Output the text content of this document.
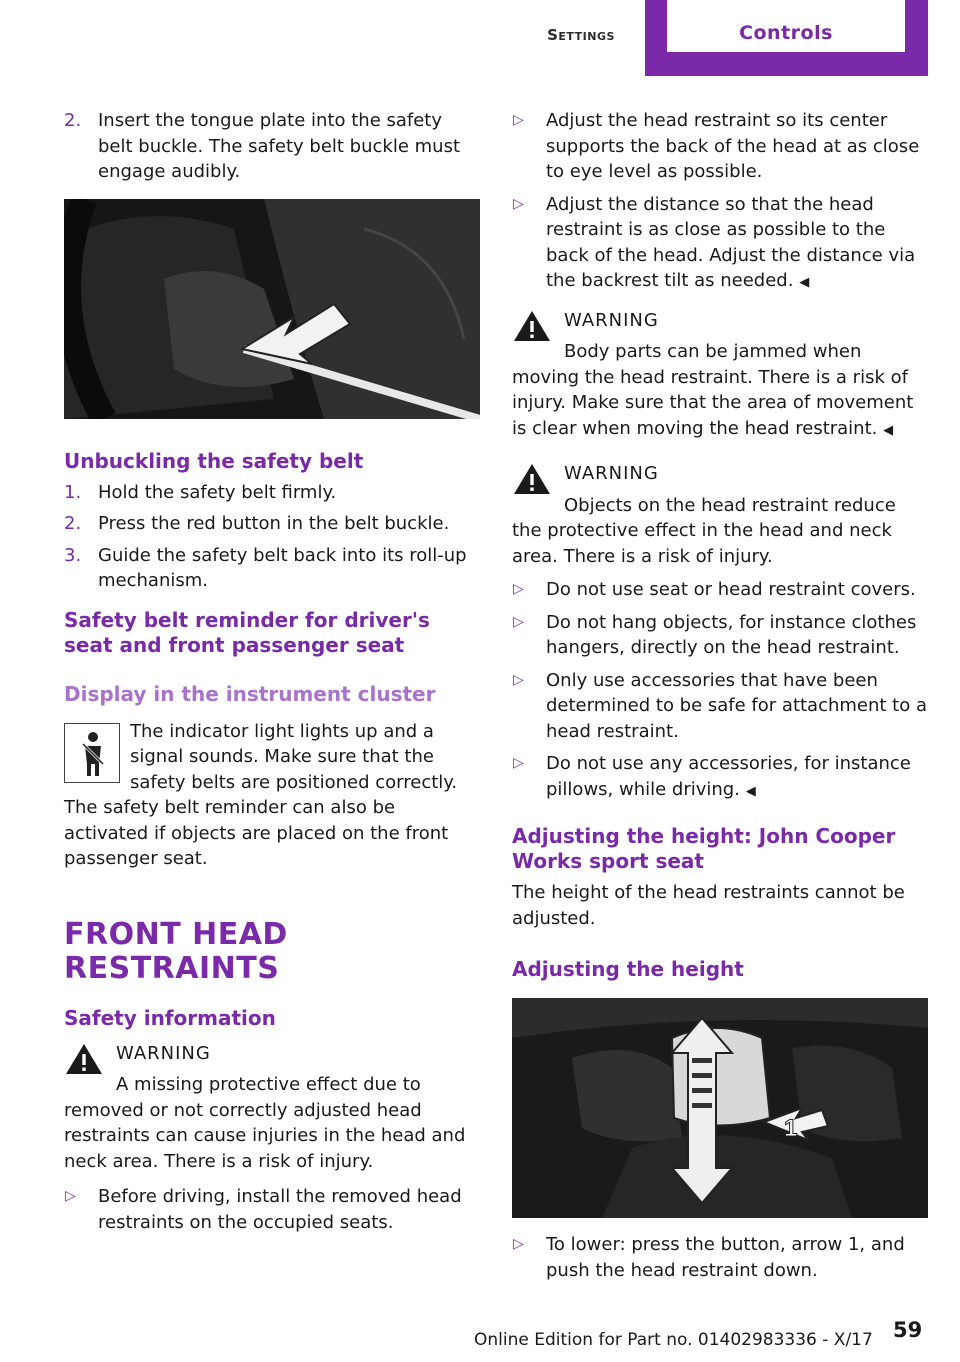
Settings	Controls
2. Insert the tongue plate into the safety belt buckle. The safety belt buckle must engage audibly.
Unbuckling the safety belt
1. Hold the safety belt firmly.
2. Press the red button in the belt buckle.
3. Guide the safety belt back into its roll-up mechanism.
Safety belt reminder for driver's seat and front passenger seat
Display in the instrument cluster
The indicator light lights up and a signal sounds. Make sure that the safety belts are positioned correctly. The safety belt reminder can also be activated if objects are placed on the front passenger seat.
FRONT HEAD RESTRAINTS
Safety information
WARNING
A missing protective effect due to removed or not correctly adjusted head restraints can cause injuries in the head and neck area. There is a risk of injury.
▷	Before driving, install the removed head restraints on the occupied seats.
▷	Adjust the head restraint so its center supports the back of the head at as close to eye level as possible.
▷	Adjust the distance so that the head restraint is as close as possible to the back of the head. Adjust the distance via the backrest tilt as needed. ◀
WARNING
Body parts can be jammed when moving the head restraint. There is a risk of injury. Make sure that the area of movement is clear when moving the head restraint. ◀
WARNING
Objects on the head restraint reduce the protective effect in the head and neck area. There is a risk of injury.
▷	Do not use seat or head restraint covers.
▷	Do not hang objects, for instance clothes hangers, directly on the head restraint.
▷	Only use accessories that have been determined to be safe for attachment to a head restraint.
▷	Do not use any accessories, for instance pillows, while driving. ◀
Adjusting the height: John Cooper Works sport seat
The height of the head restraints cannot be adjusted.
Adjusting the height
1
▷	To lower: press the button, arrow 1, and push the head restraint down.
Online Edition for Part no. 01402983336 - X/17 59
